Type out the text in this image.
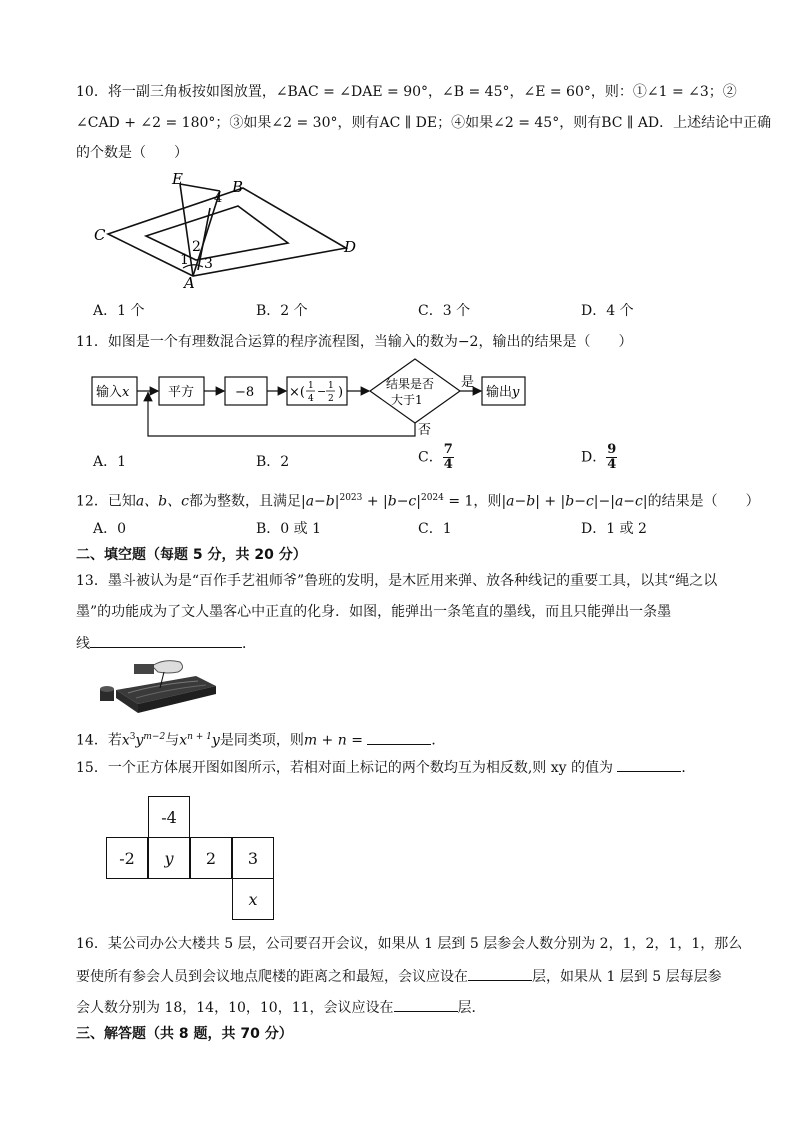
10．将一副三角板按如图放置，∠BAC = ∠DAE = 90°，∠B = 45°，∠E = 60°，则：①∠1 = ∠3；②
∠CAD + ∠2 = 180°；③如果∠2 = 30°，则有AC ∥ DE；④如果∠2 = 45°，则有BC ∥ AD．上述结论中正确
的个数是（　　）
E	B
C
D
A
1
2
3
4
A．1 个	B．2 个	C．3 个	D．4 个
11．如图是一个有理数混合运算的程序流程图，当输入的数为−2，输出的结果是（　　）
输入x	平方	−8	×( 1
4
− 1
2 )
结果是否
大于1
是
否
输出y
A．1	B．2	C． $\frac{7}{4}$	D． $\frac{9}{4}$
12．已知a、b、c都为整数，且满足$|a-b|^{2023} + |b-c|^{2024} = 1$，则|a−b| + |b−c|−|a−c|的结果是（　　）
A．0	B．0 或 1	C．1	D．1 或 2
二、填空题（每题 5 分，共 20 分）
13．墨斗被认为是“百作手艺祖师爷”鲁班的发明，是木匠用来弹、放各种线记的重要工具，以其“绳之以
墨”的功能成为了文人墨客心中正直的化身．如图，能弹出一条笔直的墨线，而且只能弹出一条墨
线	．
14．若$x^3y^{m-2}$与$x^{n + 1}y$是同类项，则m + n =	．
15．一个正方体展开图如图所示，若相对面上标记的两个数均互为相反数,则 xy 的值为	．
-4
-2	y	2	3
x
16．某公司办公大楼共 5 层，公司要召开会议，如果从 1 层到 5 层参会人数分别为 2，1，2，1，1，那么
要使所有参会人员到会议地点爬楼的距离之和最短，会议应设在	层，如果从 1 层到 5 层每层参
会人数分别为 18，14，10，10，11，会议应设在	层．
三、解答题（共 8 题，共 70 分）
